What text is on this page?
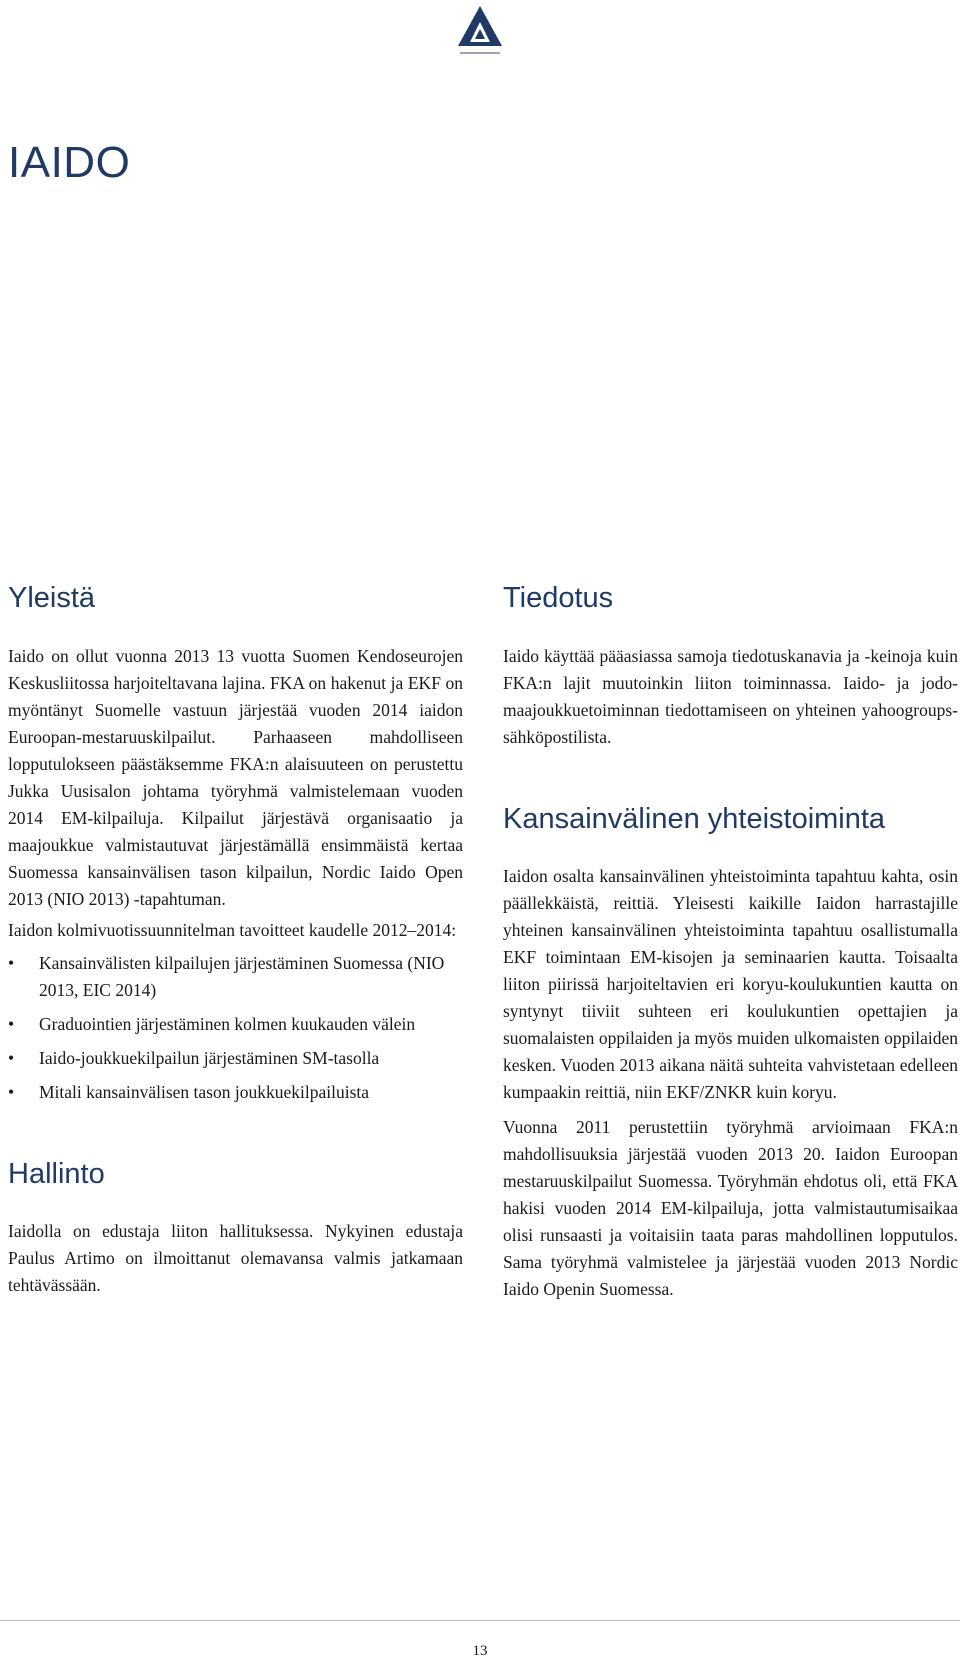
IAIDO
Yleistä

Iaido on ollut vuonna 2013 13 vuotta Suomen Kendoseurojen Keskusliitossa harjoiteltavana lajina. FKA on hakenut ja EKF on myöntänyt Suomelle vastuun järjestää vuoden 2014 iaidon Euroopan-mestaruuskilpailut. Parhaaseen mahdolliseen lopputulokseen päästäksemme FKA:n alaisuuteen on perustettu Jukka Uusisalon johtama työryhmä valmistelemaan vuoden 2014 EM-kilpailuja. Kilpailut järjestävä organisaatio ja maajoukkue valmistautuvat järjestämällä ensimmäistä kertaa Suomessa kansainvälisen tason kilpailun, Nordic Iaido Open 2013 (NIO 2013) -tapahtuman.

Iaidon kolmivuotissuunnitelman tavoitteet kaudelle 2012–2014:

• Kansainvälisten kilpailujen järjestäminen Suomessa (NIO 2013, EIC 2014)
• Graduointien järjestäminen kolmen kuukauden välein
• Iaido-joukkuekilpailun järjestäminen SM-tasolla
• Mitali kansainvälisen tason joukkuekilpailuista
Hallinto

Iaidolla on edustaja liiton hallituksessa. Nykyinen edustaja Paulus Artimo on ilmoittanut olemavansa valmis jatkamaan tehtävässään.

Tiedotus

Iaido käyttää pääasiassa samoja tiedotuskanavia ja -keinoja kuin FKA:n lajit muutoinkin liiton toiminnassa. Iaido- ja jodo-maajoukkuetoiminnan tiedottamiseen on yhteinen yahoogroups-sähköpostilista.

Kansainvälinen yhteistoiminta

Iaidon osalta kansainvälinen yhteistoiminta tapahtuu kahta, osin päällekkäistä, reittiä. Yleisesti kaikille Iaidon harrastajille yhteinen kansainvälinen yhteistoiminta tapahtuu osallistumalla EKF toimintaan EM-kisojen ja seminaarien kautta. Toisaalta liiton piirissä harjoiteltavien eri koryu-koulukuntien kautta on syntynyt tiiviit suhteen eri koulukuntien opettajien ja suomalaisten oppilaiden ja myös muiden ulkomaisten oppilaiden kesken. Vuoden 2013 aikana näitä suhteita vahvistetaan edelleen kumpaakin reittiä, niin EKF/ZNKR kuin koryu.

Vuonna 2011 perustettiin työryhmä arvioimaan FKA:n mahdollisuuksia järjestää vuoden 2013 20. Iaidon Euroopan mestaruuskilpailut Suomessa. Työryhmän ehdotus oli, että FKA hakisi vuoden 2014 EM-kilpailuja, jotta valmistautumisaikaa olisi runsaasti ja voitaisiin taata paras mahdollinen lopputulos. Sama työryhmä valmistelee ja järjestää vuoden 2013 Nordic Iaido Openin Suomessa.

13
